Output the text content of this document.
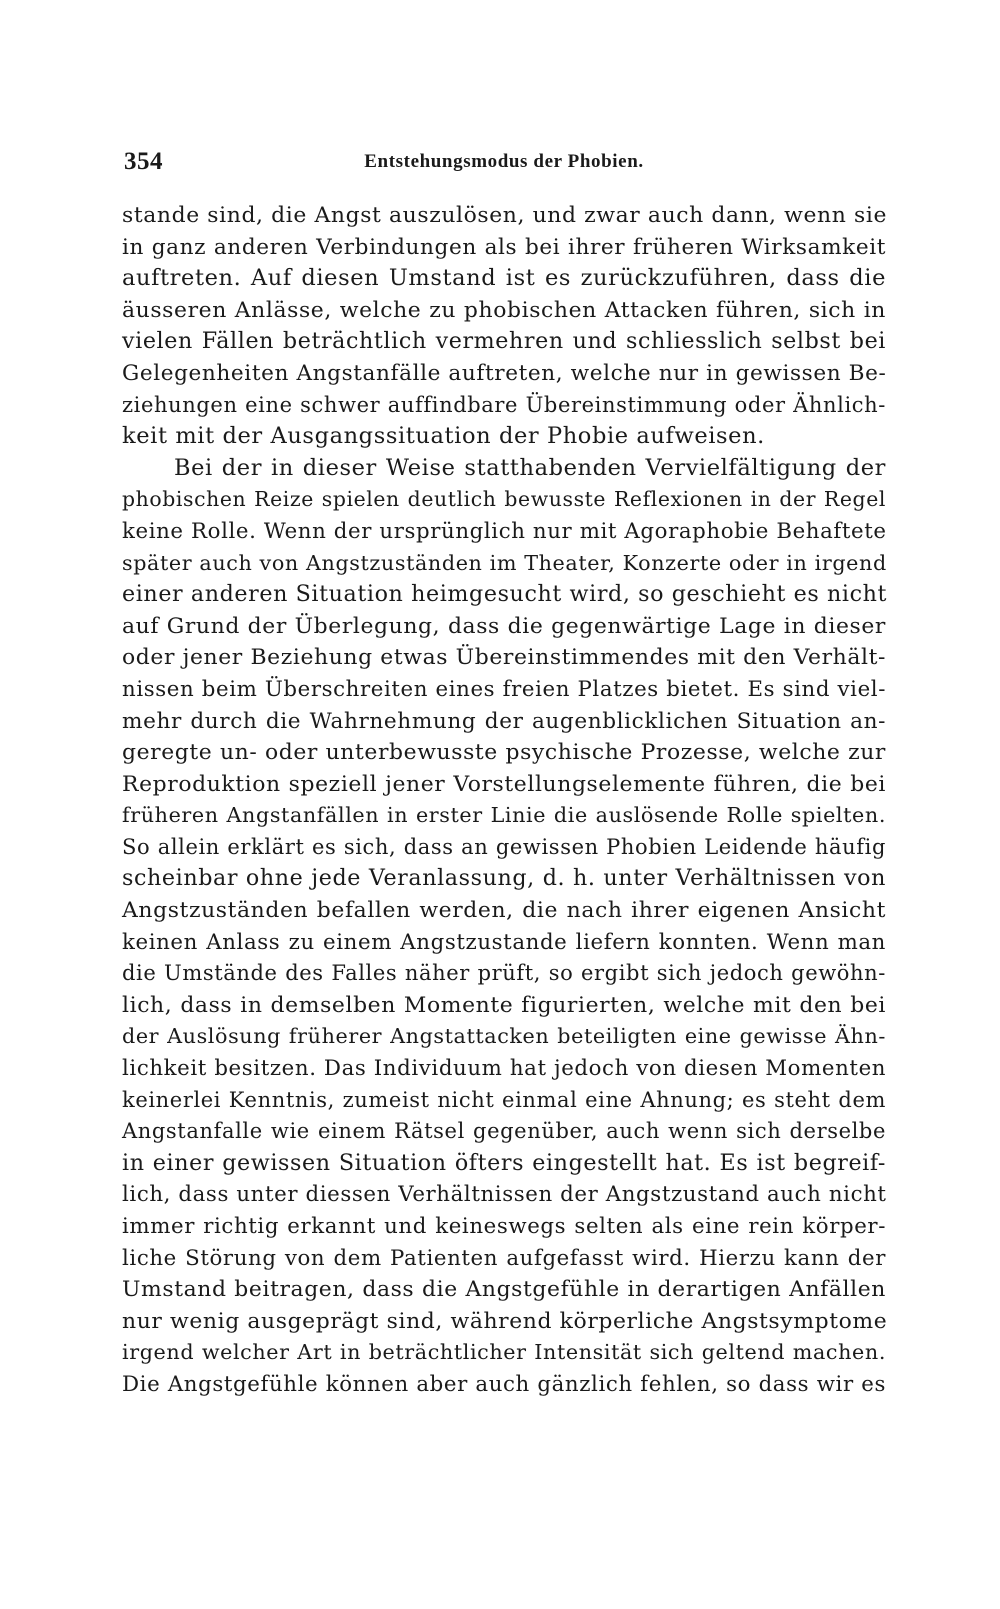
354	Entstehungsmodus der Phobien.
stande sind, die Angst auszulösen, und zwar auch dann, wenn sie
in ganz anderen Verbindungen als bei ihrer früheren Wirksamkeit
auftreten. Auf diesen Umstand ist es zurückzuführen, dass die
äusseren Anlässe, welche zu phobischen Attacken führen, sich in
vielen Fällen beträchtlich vermehren und schliesslich selbst bei
Gelegenheiten Angstanfälle auftreten, welche nur in gewissen Be-
ziehungen eine schwer auffindbare Übereinstimmung oder Ähnlich-
keit mit der Ausgangssituation der Phobie aufweisen.
Bei der in dieser Weise statthabenden Vervielfältigung der
phobischen Reize spielen deutlich bewusste Reflexionen in der Regel
keine Rolle. Wenn der ursprünglich nur mit Agoraphobie Behaftete
später auch von Angstzuständen im Theater, Konzerte oder in irgend
einer anderen Situation heimgesucht wird, so geschieht es nicht
auf Grund der Überlegung, dass die gegenwärtige Lage in dieser
oder jener Beziehung etwas Übereinstimmendes mit den Verhält-
nissen beim Überschreiten eines freien Platzes bietet. Es sind viel-
mehr durch die Wahrnehmung der augenblicklichen Situation an-
geregte un- oder unterbewusste psychische Prozesse, welche zur
Reproduktion speziell jener Vorstellungselemente führen, die bei
früheren Angstanfällen in erster Linie die auslösende Rolle spielten.
So allein erklärt es sich, dass an gewissen Phobien Leidende häufig
scheinbar ohne jede Veranlassung, d. h. unter Verhältnissen von
Angstzuständen befallen werden, die nach ihrer eigenen Ansicht
keinen Anlass zu einem Angstzustande liefern konnten. Wenn man
die Umstände des Falles näher prüft, so ergibt sich jedoch gewöhn-
lich, dass in demselben Momente figurierten, welche mit den bei
der Auslösung früherer Angstattacken beteiligten eine gewisse Ähn-
lichkeit besitzen. Das Individuum hat jedoch von diesen Momenten
keinerlei Kenntnis, zumeist nicht einmal eine Ahnung; es steht dem
Angstanfalle wie einem Rätsel gegenüber, auch wenn sich derselbe
in einer gewissen Situation öfters eingestellt hat. Es ist begreif-
lich, dass unter diessen Verhältnissen der Angstzustand auch nicht
immer richtig erkannt und keineswegs selten als eine rein körper-
liche Störung von dem Patienten aufgefasst wird. Hierzu kann der
Umstand beitragen, dass die Angstgefühle in derartigen Anfällen
nur wenig ausgeprägt sind, während körperliche Angstsymptome
irgend welcher Art in beträchtlicher Intensität sich geltend machen.
Die Angstgefühle können aber auch gänzlich fehlen, so dass wir es
